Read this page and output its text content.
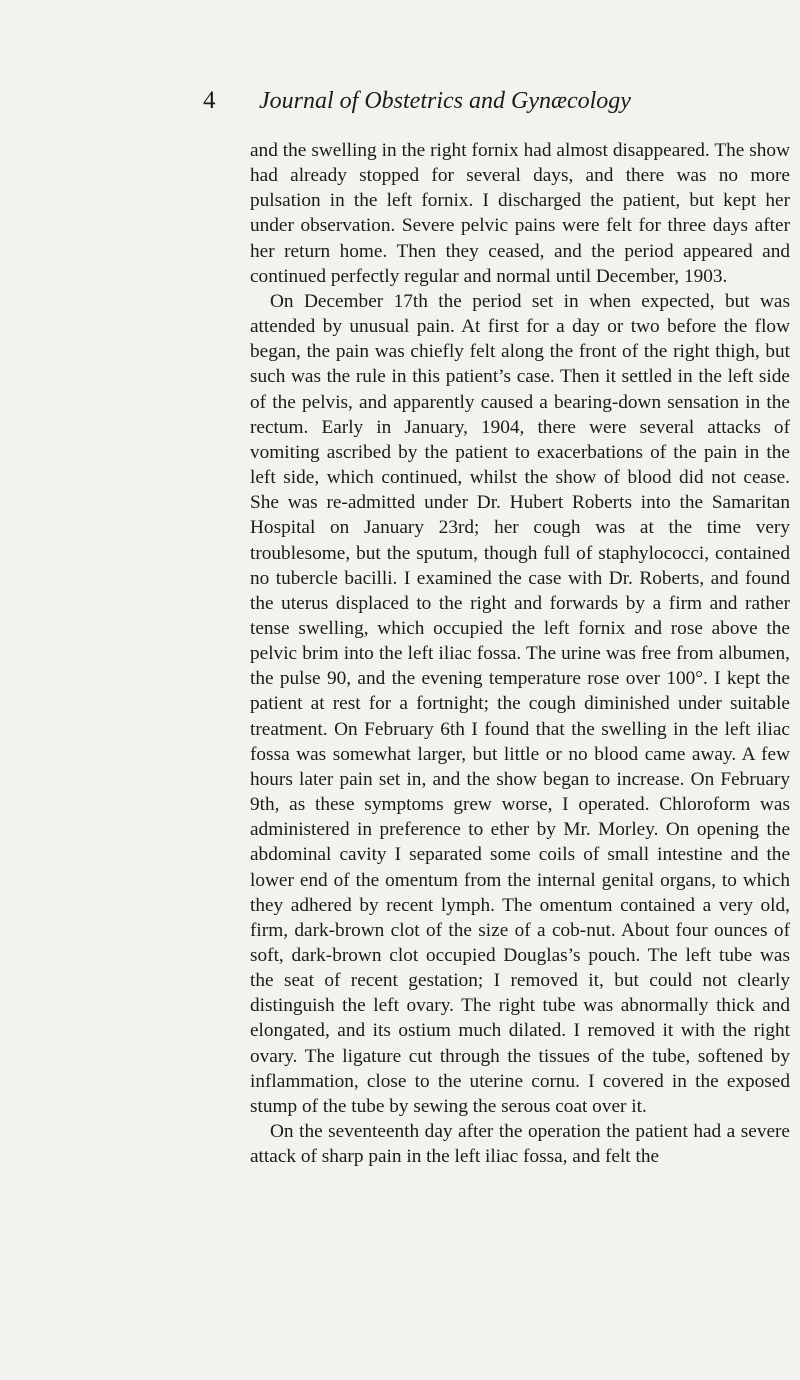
4 Journal of Obstetrics and Gynæcology

and the swelling in the right fornix had almost disappeared. The show had already stopped for several days, and there was no more pulsation in the left fornix. I discharged the patient, but kept her under observation. Severe pelvic pains were felt for three days after her return home. Then they ceased, and the period appeared and continued perfectly regular and normal until December, 1903.

On December 17th the period set in when expected, but was attended by unusual pain. At first for a day or two before the flow began, the pain was chiefly felt along the front of the right thigh, but such was the rule in this patient’s case. Then it settled in the left side of the pelvis, and apparently caused a bearing-down sensation in the rectum. Early in January, 1904, there were several attacks of vomiting ascribed by the patient to exacerbations of the pain in the left side, which continued, whilst the show of blood did not cease. She was re-admitted under Dr. Hubert Roberts into the Samaritan Hospital on January 23rd; her cough was at the time very troublesome, but the sputum, though full of staphylococci, contained no tubercle bacilli. I examined the case with Dr. Roberts, and found the uterus displaced to the right and forwards by a firm and rather tense swelling, which occupied the left fornix and rose above the pelvic brim into the left iliac fossa. The urine was free from albumen, the pulse 90, and the evening temperature rose over 100°. I kept the patient at rest for a fortnight; the cough diminished under suitable treatment. On February 6th I found that the swelling in the left iliac fossa was somewhat larger, but little or no blood came away. A few hours later pain set in, and the show began to increase. On February 9th, as these symptoms grew worse, I operated. Chloroform was administered in preference to ether by Mr. Morley. On opening the abdominal cavity I separated some coils of small intestine and the lower end of the omentum from the internal genital organs, to which they adhered by recent lymph. The omentum contained a very old, firm, dark-brown clot of the size of a cob-nut. About four ounces of soft, dark-brown clot occupied Douglas’s pouch. The left tube was the seat of recent gestation; I removed it, but could not clearly distinguish the left ovary. The right tube was abnormally thick and elongated, and its ostium much dilated. I removed it with the right ovary. The ligature cut through the tissues of the tube, softened by inflammation, close to the uterine cornu. I covered in the exposed stump of the tube by sewing the serous coat over it.

On the seventeenth day after the operation the patient had a severe attack of sharp pain in the left iliac fossa, and felt the
